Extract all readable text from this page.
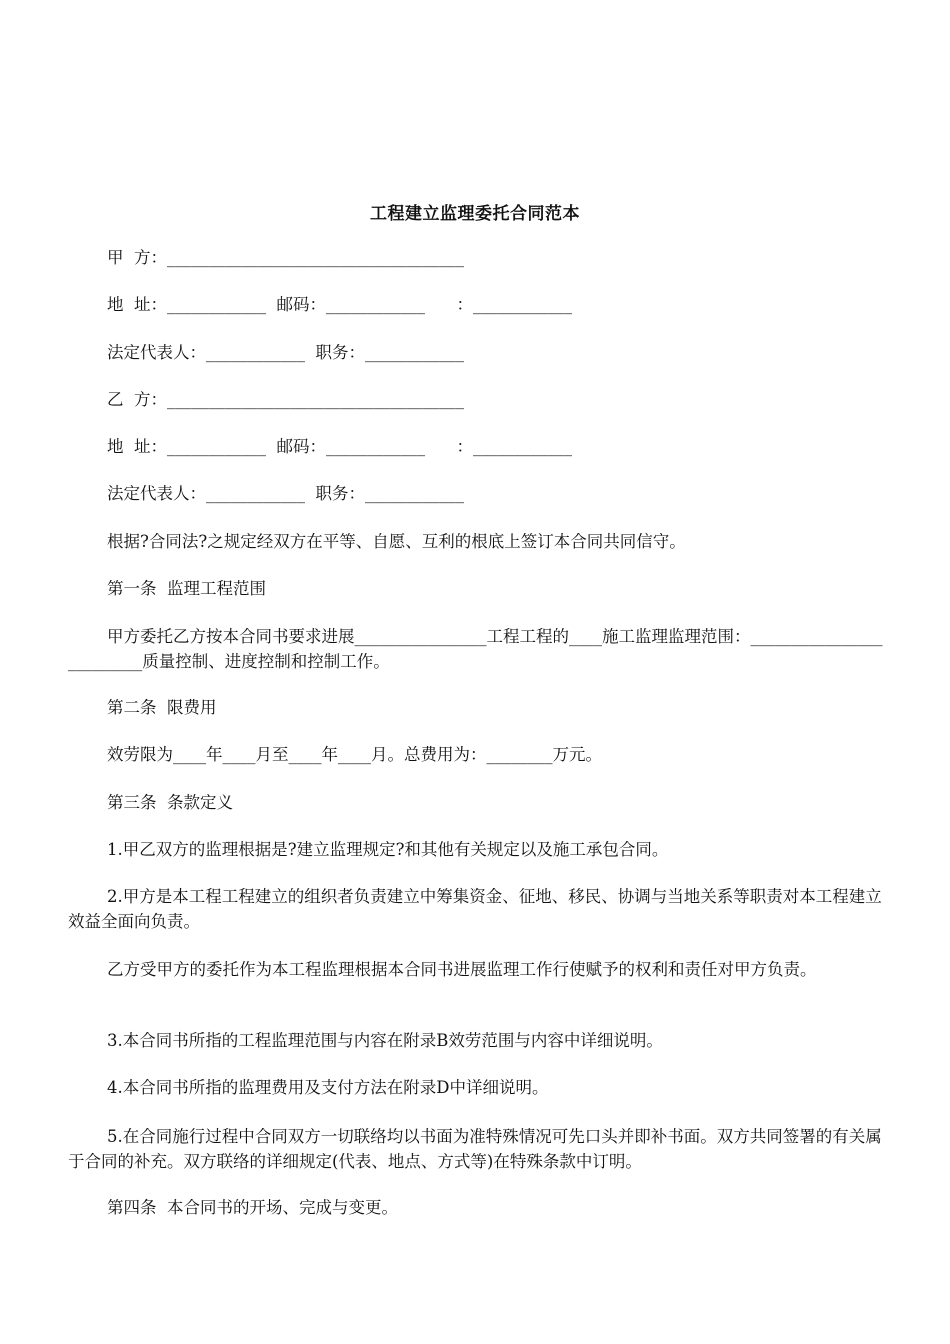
工程建立监理委托合同范本
甲  方：____________________________________
地  址：____________  邮码：____________      ：____________
法定代表人：____________  职务：____________
乙  方：____________________________________
地  址：____________  邮码：____________      ：____________
法定代表人：____________  职务：____________
根据?合同法?之规定经双方在平等、自愿、互利的根底上签订本合同共同信守。
第一条  监理工程范围
甲方委托乙方按本合同书要求进展________________工程工程的____施工监理监理范围：_________________________质量控制、进度控制和控制工作。
第二条  限费用
效劳限为____年____月至____年____月。总费用为：________万元。
第三条  条款定义
1.甲乙双方的监理根据是?建立监理规定?和其他有关规定以及施工承包合同。
2.甲方是本工程工程建立的组织者负责建立中筹集资金、征地、移民、协调与当地关系等职责对本工程建立效益全面向负责。
乙方受甲方的委托作为本工程监理根据本合同书进展监理工作行使赋予的权利和责任对甲方负责。
3.本合同书所指的工程监理范围与内容在附录B效劳范围与内容中详细说明。
4.本合同书所指的监理费用及支付方法在附录D中详细说明。
5.在合同施行过程中合同双方一切联络均以书面为准特殊情况可先口头并即补书面。双方共同签署的有关属于合同的补充。双方联络的详细规定(代表、地点、方式等)在特殊条款中订明。
第四条  本合同书的开场、完成与变更。
